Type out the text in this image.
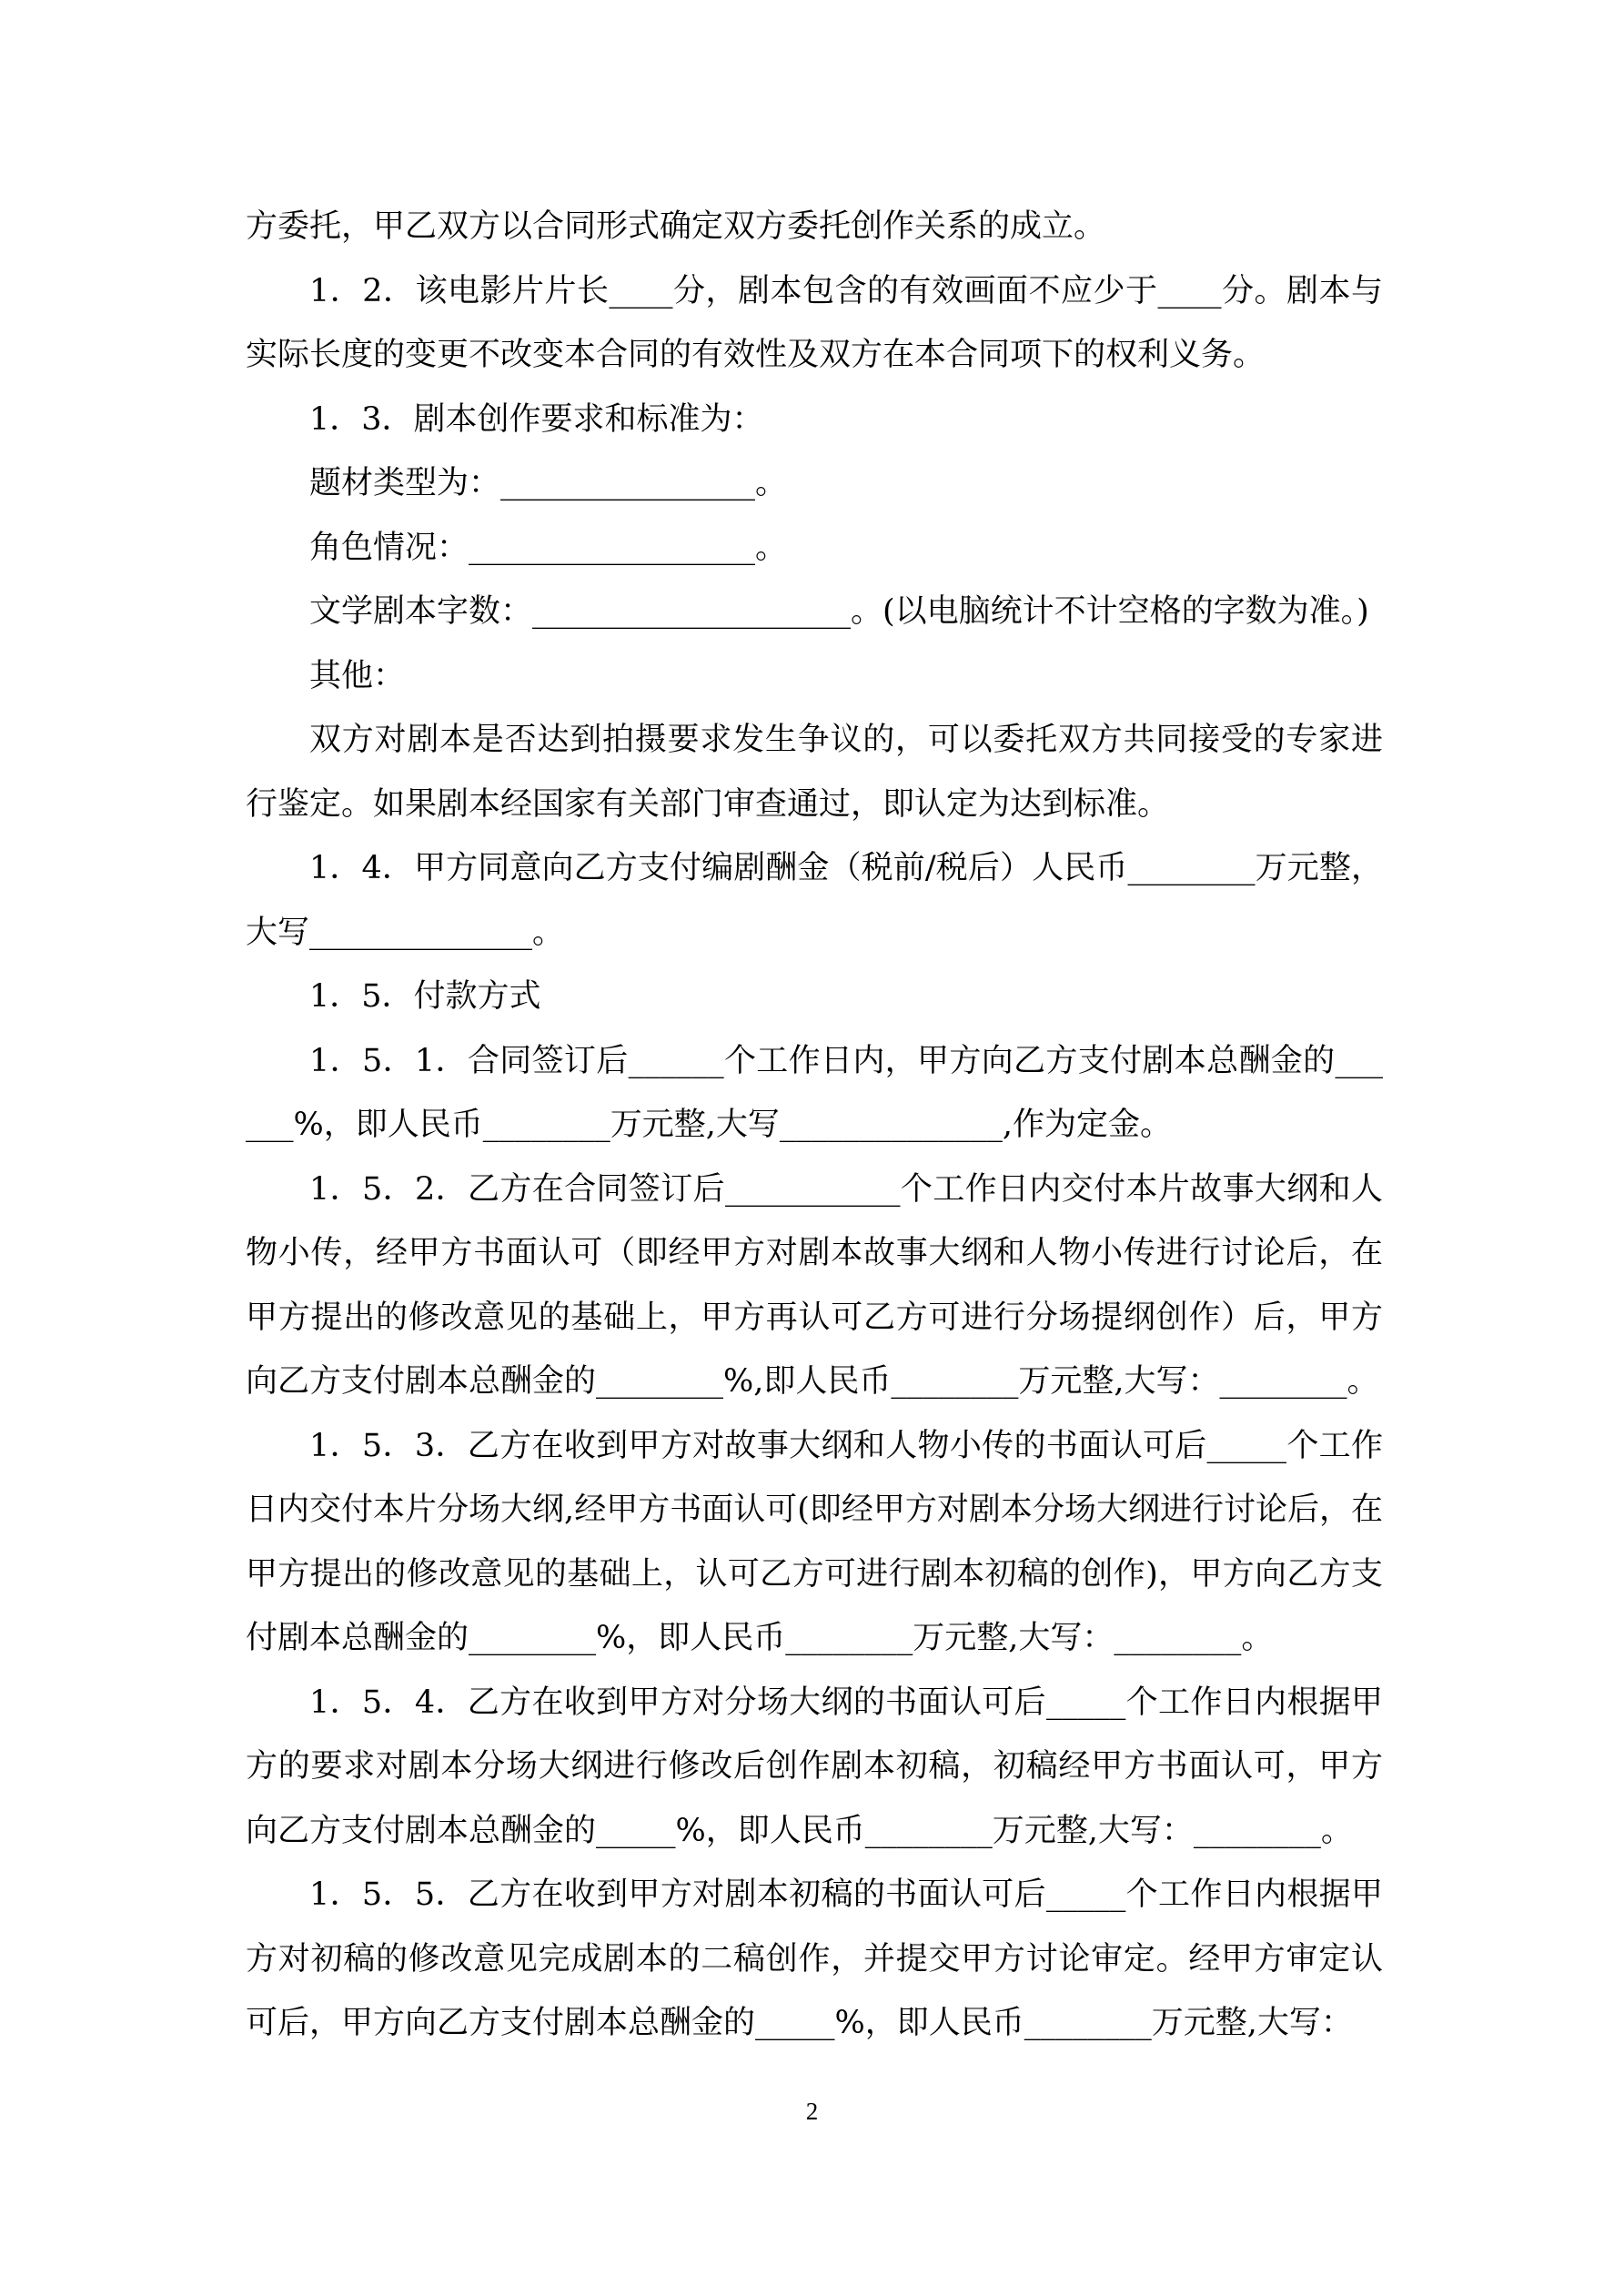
方委托，甲乙双方以合同形式确定双方委托创作关系的成立。

1．2．该电影片片长____分，剧本包含的有效画面不应少于____分。剧本与实际长度的变更不改变本合同的有效性及双方在本合同项下的权利义务。

1．3．剧本创作要求和标准为：

题材类型为：________________。

角色情况：__________________。

文学剧本字数：____________________。(以电脑统计不计空格的字数为准。)

其他：

双方对剧本是否达到拍摄要求发生争议的，可以委托双方共同接受的专家进行鉴定。如果剧本经国家有关部门审查通过，即认定为达到标准。

1．4．甲方同意向乙方支付编剧酬金（税前/税后）人民币________万元整，大写______________。

1．5．付款方式

1．5．1．合同签订后______个工作日内，甲方向乙方支付剧本总酬金的______%，即人民币________万元整,大写______________,作为定金。

1．5．2．乙方在合同签订后___________个工作日内交付本片故事大纲和人物小传，经甲方书面认可（即经甲方对剧本故事大纲和人物小传进行讨论后，在甲方提出的修改意见的基础上，甲方再认可乙方可进行分场提纲创作）后，甲方向乙方支付剧本总酬金的________%,即人民币________万元整,大写：________。

1．5．3．乙方在收到甲方对故事大纲和人物小传的书面认可后_____个工作日内交付本片分场大纲,经甲方书面认可(即经甲方对剧本分场大纲进行讨论后，在甲方提出的修改意见的基础上，认可乙方可进行剧本初稿的创作)，甲方向乙方支付剧本总酬金的________%，即人民币________万元整,大写：________。

1．5．4．乙方在收到甲方对分场大纲的书面认可后_____个工作日内根据甲方的要求对剧本分场大纲进行修改后创作剧本初稿，初稿经甲方书面认可，甲方向乙方支付剧本总酬金的_____%，即人民币________万元整,大写：________。

1．5．5．乙方在收到甲方对剧本初稿的书面认可后_____个工作日内根据甲方对初稿的修改意见完成剧本的二稿创作，并提交甲方讨论审定。经甲方审定认可后，甲方向乙方支付剧本总酬金的_____%，即人民币________万元整,大写：

2
